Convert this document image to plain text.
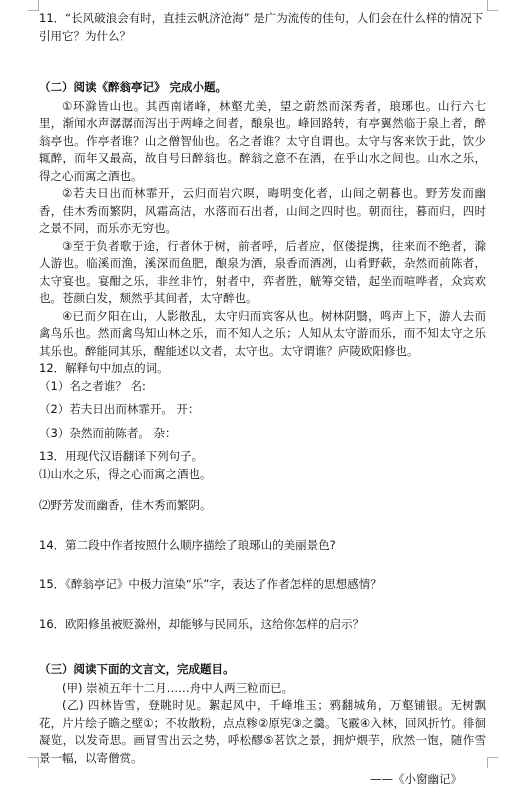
11．“长风破浪会有时，直挂云帆济沧海” 是广为流传的佳句，人们会在什么样的情况下引用它？为什么？

（二）阅读《醉翁亭记》 完成小题。

①环滁皆山也。其西南诸峰，林壑尤美，望之蔚然而深秀者，琅琊也。山行六七里，渐闻水声潺潺而泻出于两峰之间者，酿泉也。峰回路转，有亭翼然临于泉上者，醉翁亭也。作亭者谁？山之僧智仙也。名之者谁？太守自谓也。太守与客来饮于此，饮少辄醉，而年又最高，故自号曰醉翁也。醉翁之意不在酒，在乎山水之间也。山水之乐，得之心而寓之酒也。

②若夫日出而林霏开，云归而岩穴暝，晦明变化者，山间之朝暮也。野芳发而幽香，佳木秀而繁阴，风霜高洁，水落而石出者，山间之四时也。朝而往，暮而归，四时之景不同，而乐亦无穷也。

③至于负者歌于途，行者休于树，前者呼，后者应，伛偻提携，往来而不绝者，滁人游也。临溪而渔，溪深而鱼肥，酿泉为酒，泉香而酒冽，山肴野蔌，杂然而前陈者，太守宴也。宴酣之乐，非丝非竹，射者中，弈者胜，觥筹交错，起坐而喧哗者，众宾欢也。苍颜白发，颓然乎其间者，太守醉也。

④已而夕阳在山，人影散乱，太守归而宾客从也。树林阴翳，鸣声上下，游人去而禽鸟乐也。然而禽鸟知山林之乐，而不知人之乐；人知从太守游而乐，而不知太守之乐其乐也。醉能同其乐，醒能述以文者，太守也。太守谓谁？庐陵欧阳修也。

12．解释句中加点的词。

（1）名之者谁？ 名:

（2）若夫日出而林霏开。 开：

（3）杂然而前陈者。 杂：

13．用现代汉语翻译下列句子。

⑴山水之乐，得之心而寓之酒也。

⑵野芳发而幽香，佳木秀而繁阴。

14．第二段中作者按照什么顺序描绘了琅琊山的美丽景色?

15．《醉翁亭记》中极力渲染“乐”字，表达了作者怎样的思想感情？

16．欧阳修虽被贬滁州，却能够与民同乐，这给你怎样的启示？

（三）阅读下面的文言文，完成题目。

(甲) 崇祯五年十二月……舟中人两三粒而已。

(乙) 四林皆雪，登眺时见。絮起风中，千峰堆玉；鸦翻城角，万壑铺银。无树飘花，片片绘子瞻之壁①；不妆散粉，点点糁②原宪③之羹。飞霰④入林，回风折竹。徘徊凝览，以发奇思。画冒雪出云之势，呼松醪⑤茗饮之景，拥炉煨芋，欣然一饱，随作雪景一幅，以寄僧赏。

——《小窗幽记》
